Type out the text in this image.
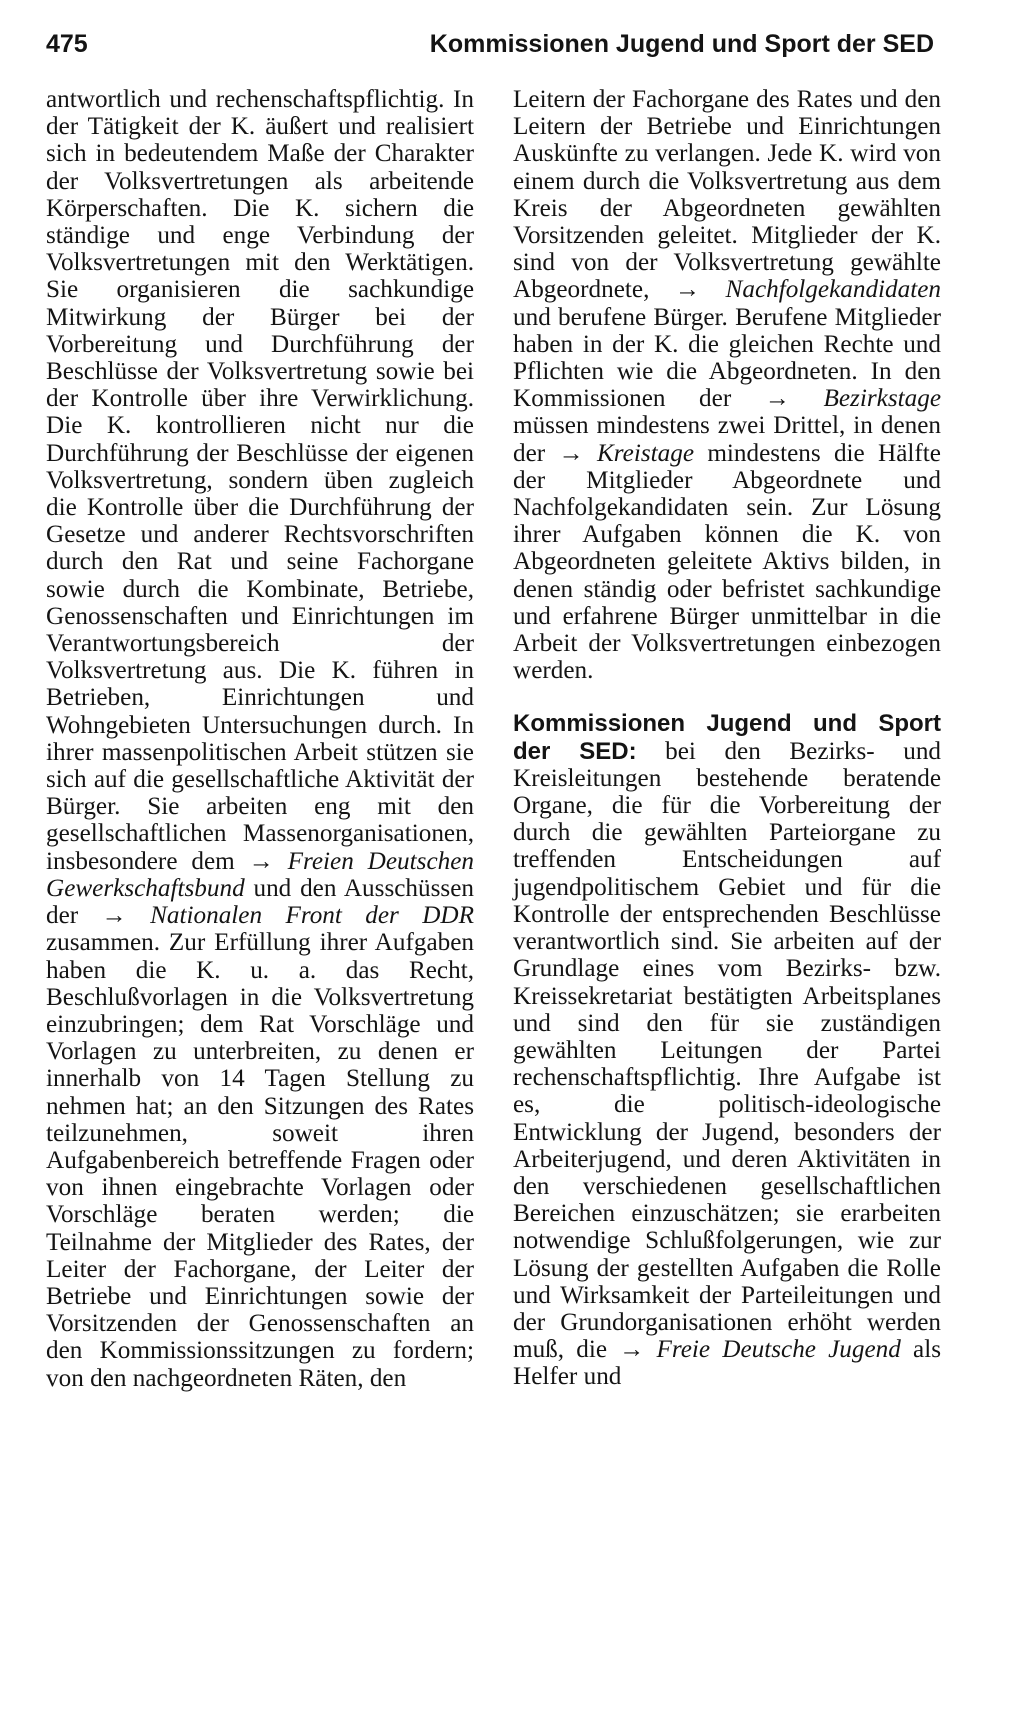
475	Kommissionen Jugend und Sport der SED

antwortlich und rechenschaftspflichtig. In der Tätigkeit der K. äußert und realisiert sich in bedeutendem Maße der Charakter der Volksvertretungen als arbeitende Körperschaften. Die K. sichern die ständige und enge Verbindung der Volksvertretungen mit den Werktätigen. Sie organisieren die sachkundige Mitwirkung der Bürger bei der Vorbereitung und Durchführung der Beschlüsse der Volksvertretung sowie bei der Kontrolle über ihre Verwirklichung. Die K. kontrollieren nicht nur die Durchführung der Beschlüsse der eigenen Volksvertretung, sondern üben zugleich die Kontrolle über die Durchführung der Gesetze und anderer Rechtsvorschriften durch den Rat und seine Fachorgane sowie durch die Kombinate, Betriebe, Genossenschaften und Einrichtungen im Verantwortungsbereich der Volksvertretung aus. Die K. führen in Betrieben, Einrichtungen und Wohngebieten Untersuchungen durch. In ihrer massenpolitischen Arbeit stützen sie sich auf die gesellschaftliche Aktivität der Bürger. Sie arbeiten eng mit den gesellschaftlichen Massenorganisationen, insbesondere dem → Freien Deutschen Gewerkschaftsbund und den Ausschüssen der → Nationalen Front der DDR zusammen. Zur Erfüllung ihrer Aufgaben haben die K. u. a. das Recht, Beschlußvorlagen in die Volksvertretung einzubringen; dem Rat Vorschläge und Vorlagen zu unterbreiten, zu denen er innerhalb von 14 Tagen Stellung zu nehmen hat; an den Sitzungen des Rates teilzunehmen, soweit ihren Aufgabenbereich betreffende Fragen oder von ihnen eingebrachte Vorlagen oder Vorschläge beraten werden; die Teilnahme der Mitglieder des Rates, der Leiter der Fachorgane, der Leiter der Betriebe und Einrichtungen sowie der Vorsitzenden der Genossenschaften an den Kommissionssitzungen zu fordern; von den nachgeordneten Räten, den

Leitern der Fachorgane des Rates und den Leitern der Betriebe und Einrichtungen Auskünfte zu verlangen. Jede K. wird von einem durch die Volksvertretung aus dem Kreis der Abgeordneten gewählten Vorsitzenden geleitet. Mitglieder der K. sind von der Volksvertretung gewählte Abgeordnete, → Nachfolgekandidaten und berufene Bürger. Berufene Mitglieder haben in der K. die gleichen Rechte und Pflichten wie die Abgeordneten. In den Kommissionen der → Bezirkstage müssen mindestens zwei Drittel, in denen der → Kreistage mindestens die Hälfte der Mitglieder Abgeordnete und Nachfolgekandidaten sein. Zur Lösung ihrer Aufgaben können die K. von Abgeordneten geleitete Aktivs bilden, in denen ständig oder befristet sachkundige und erfahrene Bürger unmittelbar in die Arbeit der Volksvertretungen einbezogen werden.

Kommissionen Jugend und Sport der SED: bei den Bezirks- und Kreisleitungen bestehende beratende Organe, die für die Vorbereitung der durch die gewählten Parteiorgane zu treffenden Entscheidungen auf jugendpolitischem Gebiet und für die Kontrolle der entsprechenden Beschlüsse verantwortlich sind. Sie arbeiten auf der Grundlage eines vom Bezirks- bzw. Kreissekretariat bestätigten Arbeitsplanes und sind den für sie zuständigen gewählten Leitungen der Partei rechenschaftspflichtig. Ihre Aufgabe ist es, die politisch-ideologische Entwicklung der Jugend, besonders der Arbeiterjugend, und deren Aktivitäten in den verschiedenen gesellschaftlichen Bereichen einzuschätzen; sie erarbeiten notwendige Schlußfolgerungen, wie zur Lösung der gestellten Aufgaben die Rolle und Wirksamkeit der Parteileitungen und der Grundorganisationen erhöht werden muß, die → Freie Deutsche Jugend als Helfer und
